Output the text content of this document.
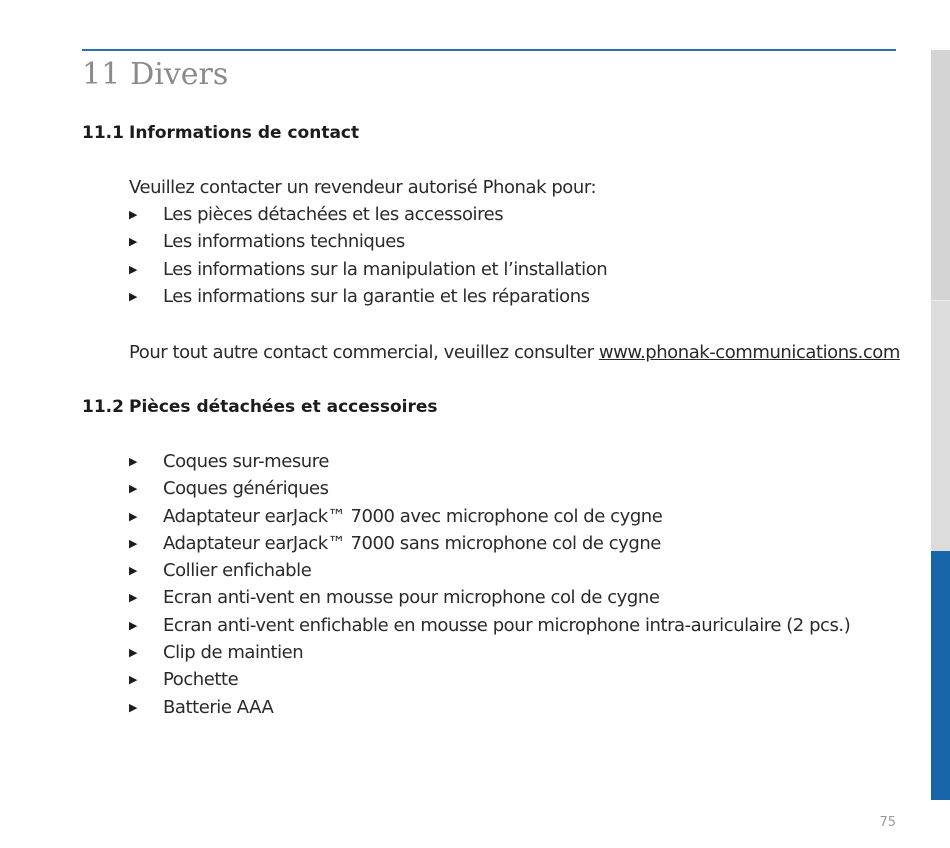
11 Divers
11.1 Informations de contact
Veuillez contacter un revendeur autorisé Phonak pour:
▶	Les pièces détachées et les accessoires
▶	Les informations techniques
▶	Les informations sur la manipulation et l’installation
▶	Les informations sur la garantie et les réparations
Pour tout autre contact commercial, veuillez consulter www.phonak-communications.com
11.2 Pièces détachées et accessoires
▶	Coques sur-mesure
▶	Coques génériques
▶	Adaptateur earJack™ 7000 avec microphone col de cygne
▶	Adaptateur earJack™ 7000 sans microphone col de cygne
▶	Collier enfichable
▶	Ecran anti-vent en mousse pour microphone col de cygne
▶	Ecran anti-vent enfichable en mousse pour microphone intra-auriculaire (2 pcs.)
▶	Clip de maintien
▶	Pochette
▶	Batterie AAA
75
